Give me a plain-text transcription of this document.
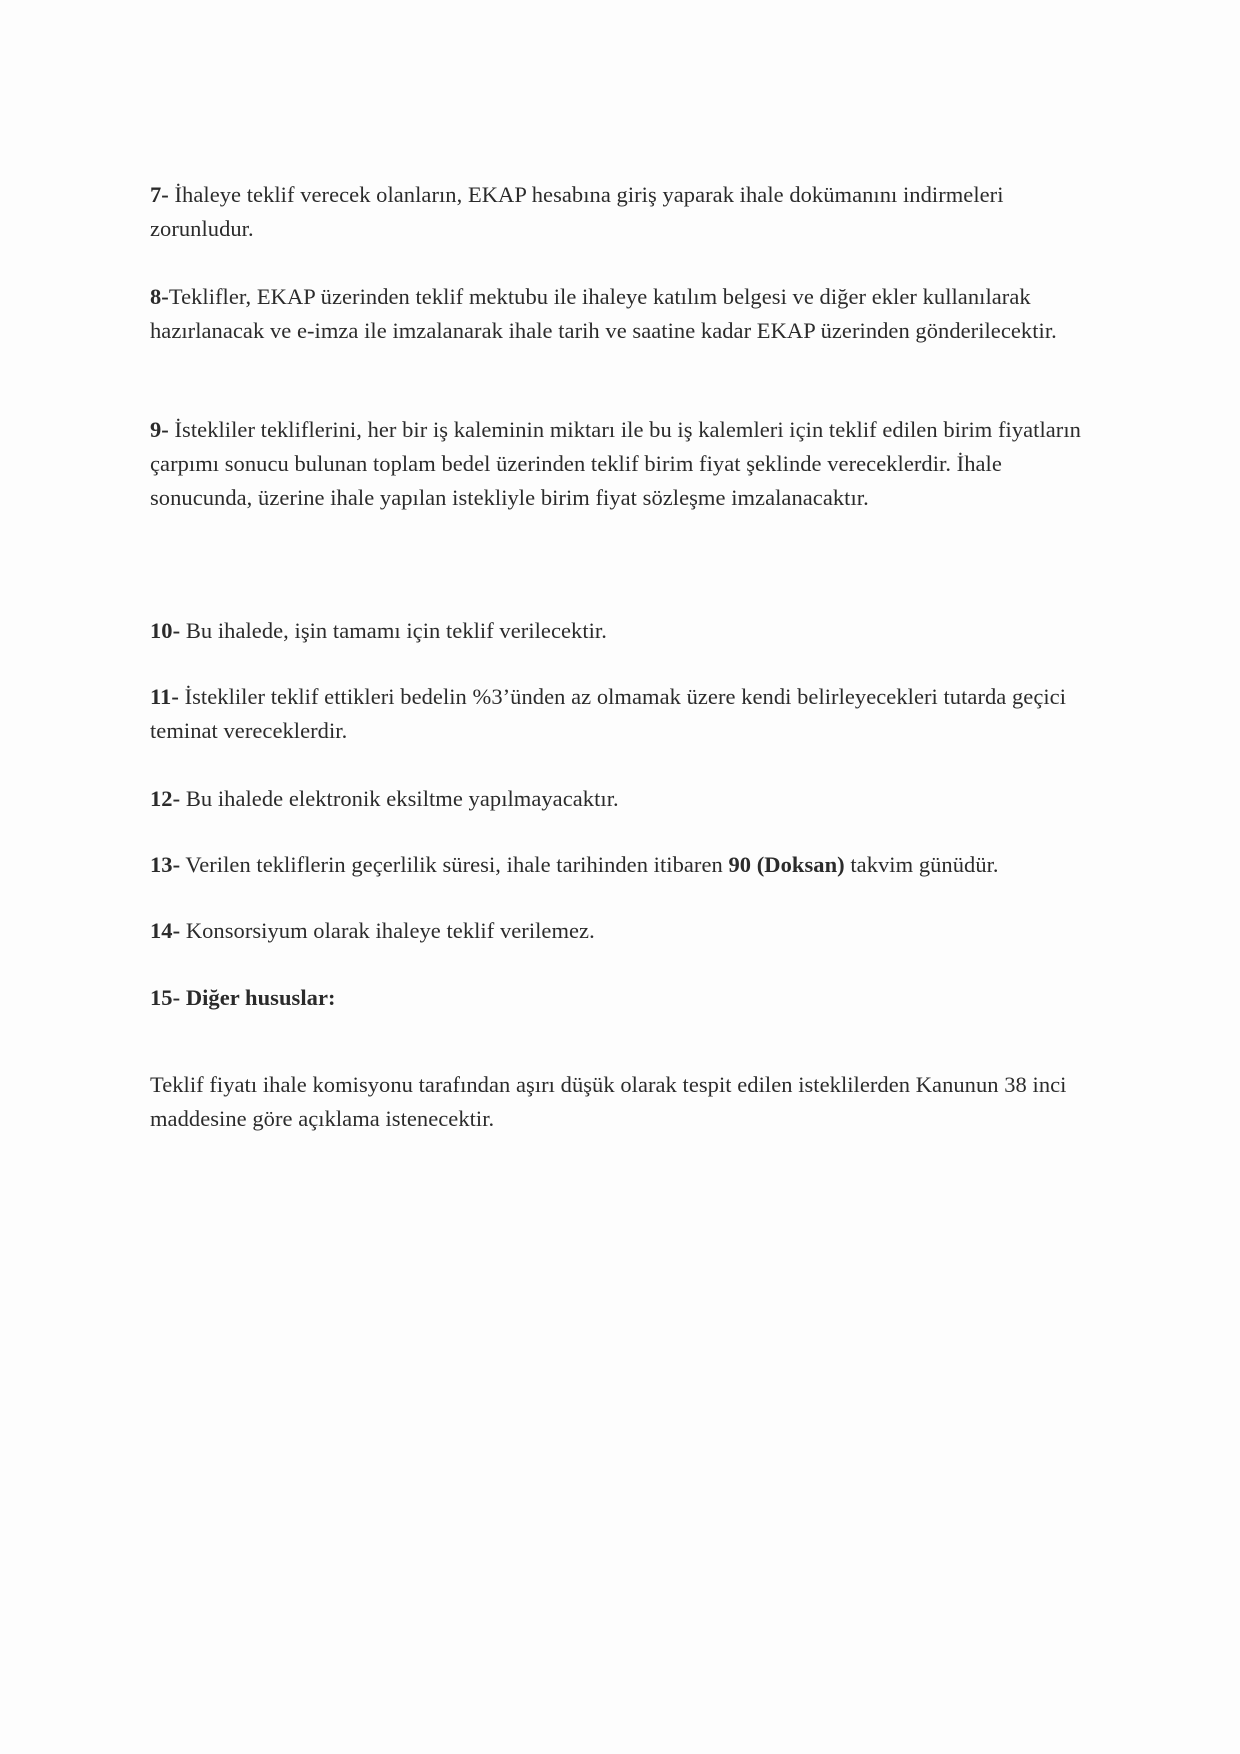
7- İhaleye teklif verecek olanların, EKAP hesabına giriş yaparak ihale dokümanını indirmeleri zorunludur.

8-Teklifler, EKAP üzerinden teklif mektubu ile ihaleye katılım belgesi ve diğer ekler kullanılarak hazırlanacak ve e-imza ile imzalanarak ihale tarih ve saatine kadar EKAP üzerinden gönderilecektir.

9- İstekliler tekliflerini, her bir iş kaleminin miktarı ile bu iş kalemleri için teklif edilen birim fiyatların çarpımı sonucu bulunan toplam bedel üzerinden teklif birim fiyat şeklinde vereceklerdir. İhale sonucunda, üzerine ihale yapılan istekliyle birim fiyat sözleşme imzalanacaktır.

10- Bu ihalede, işin tamamı için teklif verilecektir.

11- İstekliler teklif ettikleri bedelin %3’ünden az olmamak üzere kendi belirleyecekleri tutarda geçici teminat vereceklerdir.

12- Bu ihalede elektronik eksiltme yapılmayacaktır.

13- Verilen tekliflerin geçerlilik süresi, ihale tarihinden itibaren 90 (Doksan) takvim günüdür.

14- Konsorsiyum olarak ihaleye teklif verilemez.

15- Diğer hususlar:

Teklif fiyatı ihale komisyonu tarafından aşırı düşük olarak tespit edilen isteklilerden Kanunun 38 inci maddesine göre açıklama istenecektir.
